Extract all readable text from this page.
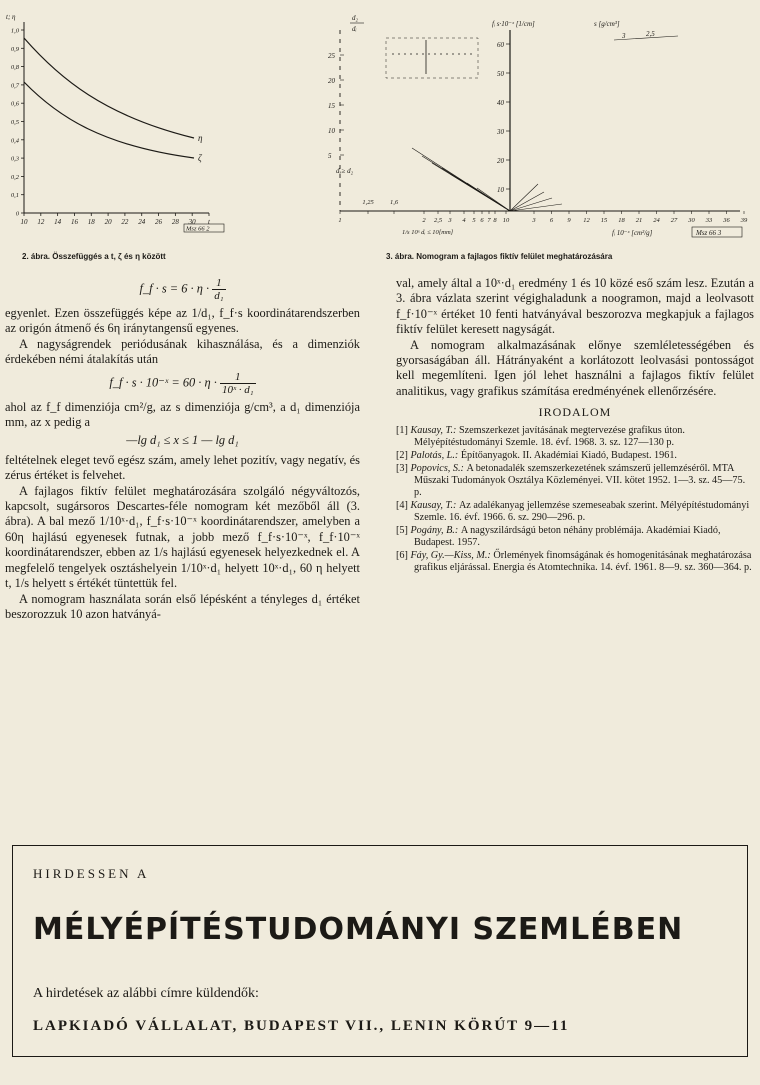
t; η
1,0
0,9
0,8
0,7
0,6
0,5
0,4
0,3
0,2
0,1
0
10 12 14 16 18 20 22 24 26 28 30 t
η
ζ
Msz 66 2
2. ábra. Összefüggés a t, ζ és η között
d₂
dᵢ
5
10
15
20
25
dₓ≥ d₂
fᵢ s·10⁻ˣ [1/cm]
60
50
40
30
20
10
s [g/cm³]
3	2,5
1
1,25	1,6
2 2,5 3 4 5 6 7 8 10
1/s 10ˣ dᵢ ≤ 10[mm]
3 6 9 12 15 18 21 24 27 30 33 36 39
fᵢ 10⁻ˣ [cm²/g]	Msz 66 3
3. ábra. Nomogram a fajlagos fiktív felület meghatározására
f_f · $s = 6 \cdot \eta \cdot \frac{1}{\text{d₁}}$

egyenlet. Ezen összefüggés képe az 1/d₁, f_f·s koordinátarendszerben az origón átmenő és 6η iránytangensű egyenes.

A nagyságrendek periódusának kihasználása, és a dimenziók érdekében némi átalakítás után

f_f · s · 10⁻ˣ = $60 \cdot \eta \cdot \frac{1}{\text{10ˣ · d₁}}$

ahol az f_f dimenziója cm²/g, az s dimenziója g/cm³, a d₁ dimenziója mm, az x pedig a

—lg d₁ ≤ x ≤ 1 — lg d₁

feltételnek eleget tevő egész szám, amely lehet pozitív, vagy negatív, és zérus értéket is felvehet.

A fajlagos fiktív felület meghatározására szolgáló négyváltozós, kapcsolt, sugársoros Descartes-féle nomogram két mezőből áll (3. ábra). A bal mező 1/10ˣ·d₁, f_f·s·10⁻ˣ koordinátarendszer, amelyben a 60η hajlású egyenesek futnak, a jobb mező f_f·s·10⁻ˣ, f_f·10⁻ˣ koordinátarendszer, ebben az 1/s hajlású egyenesek helyezkednek el. A megfelelő tengelyek osztáshelyein 1/10ˣ·d₁ helyett 10ˣ·d₁, 60 η helyett t, 1/s helyett s értékét tüntettük fel.

A nomogram használata során első lépésként a tényleges d₁ értéket beszorozzuk 10 azon hatványá-

val, amely által a 10ˣ·d₁ eredmény 1 és 10 közé eső szám lesz. Ezután a 3. ábra vázlata szerint végighaladunk a noogramon, majd a leolvasott f_f·10⁻ˣ értéket 10 fenti hatványával beszorozva megkapjuk a fajlagos fiktív felület keresett nagyságát.

A nomogram alkalmazásának előnye szemléletességében és gyorsaságában áll. Hátrányaként a korlátozott leolvasási pontosságot kell megemlíteni. Igen jól lehet használni a fajlagos fiktív felület analitikus, vagy grafikus számítása eredményének ellenőrzésére.

IRODALOM
[1] Kausay, T.: Szemszerkezet javításának megtervezése grafikus úton. Mélyépítéstudományi Szemle. 18. évf. 1968. 3. sz. 127—130 p.
[2] Palotás, L.: Építőanyagok. II. Akadémiai Kiadó, Budapest. 1961.
[3] Popovics, S.: A betonadalék szemszerkezetének számszerű jellemzéséről. MTA Műszaki Tudományok Osztálya Közleményei. VII. kötet 1952. 1—3. sz. 45—75. p.
[4] Kausay, T.: Az adalékanyag jellemzése szemeseabak szerint. Mélyépítéstudományi Szemle. 16. évf. 1966. 6. sz. 290—296. p.
[5] Pogány, B.: A nagyszilárdságú beton néhány problémája. Akadémiai Kiadó, Budapest. 1957.
[6] Fáy, Gy.—Kiss, M.: Őrlemények finomságának és homogenitásának meghatározása grafikus eljárással. Energia és Atomtechnika. 14. évf. 1961. 8—9. sz. 360—364. p.
HIRDESSEN A
MÉLYÉPÍTÉSTUDOMÁNYI SZEMLÉBEN
A hirdetések az alábbi címre küldendők:
LAPKIADÓ VÁLLALAT, BUDAPEST VII., LENIN KÖRÚT 9—11
